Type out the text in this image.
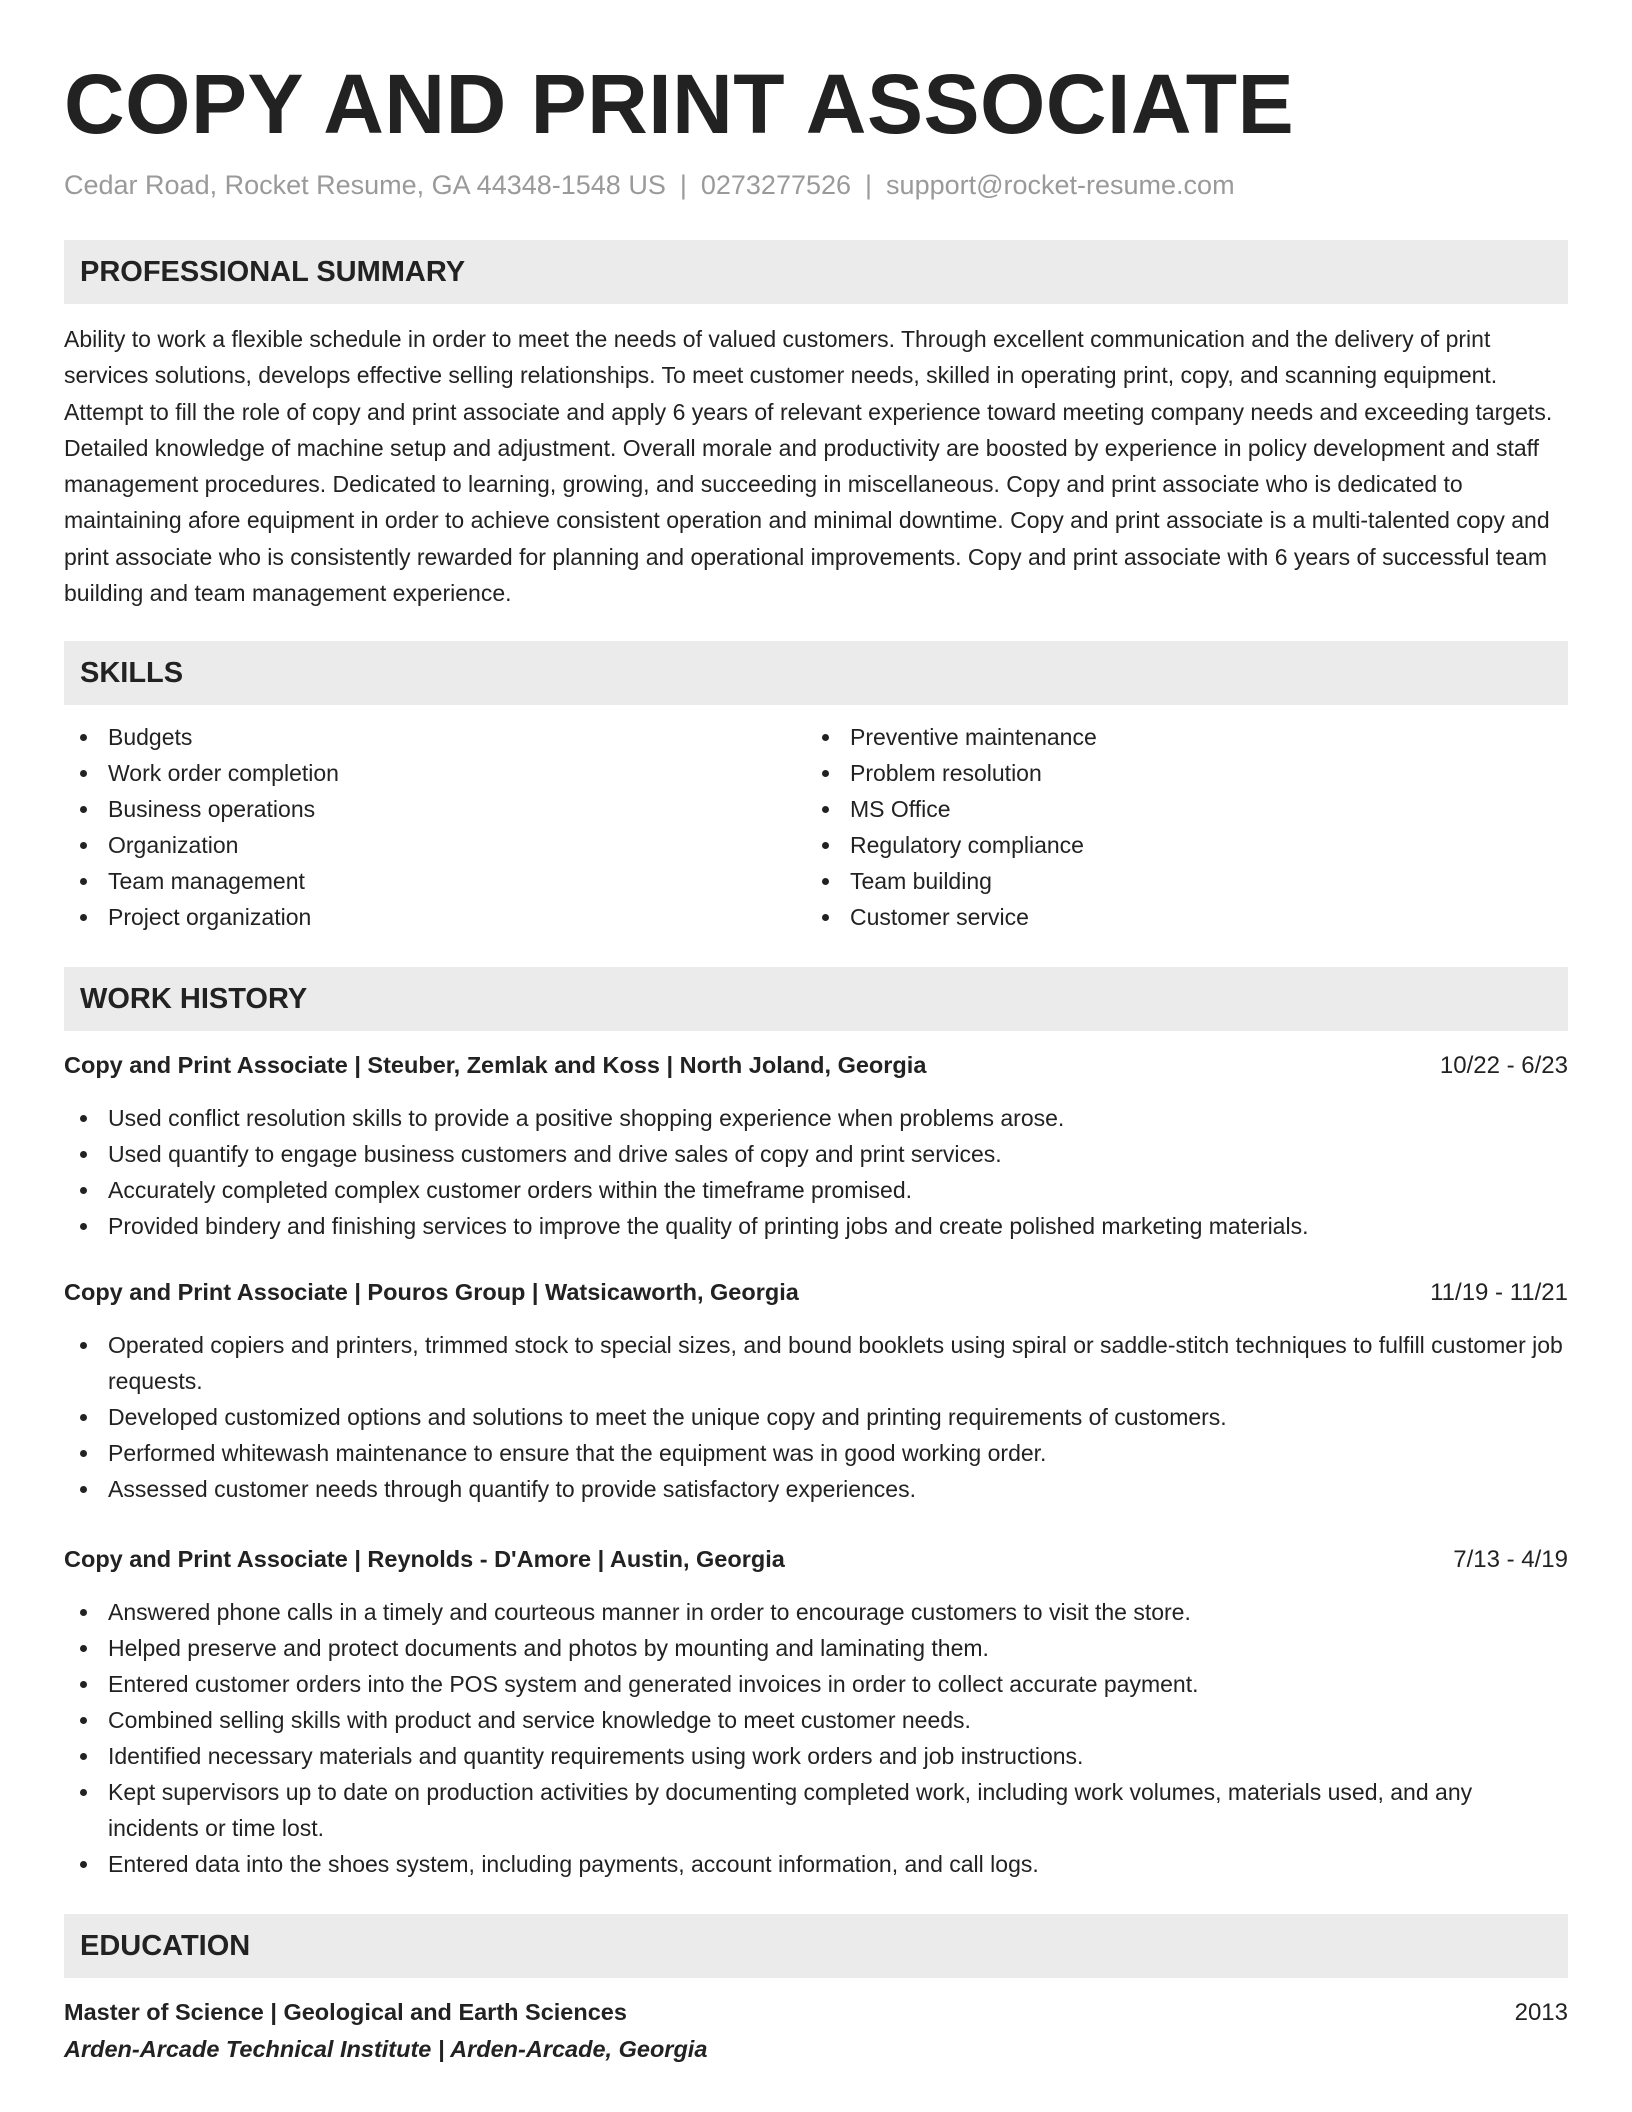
COPY AND PRINT ASSOCIATE
Cedar Road, Rocket Resume, GA 44348-1548 US | 0273277526 | support@rocket-resume.com
PROFESSIONAL SUMMARY

Ability to work a flexible schedule in order to meet the needs of valued customers. Through excellent communication and the delivery of print services solutions, develops effective selling relationships. To meet customer needs, skilled in operating print, copy, and scanning equipment. Attempt to fill the role of copy and print associate and apply 6 years of relevant experience toward meeting company needs and exceeding targets. Detailed knowledge of machine setup and adjustment. Overall morale and productivity are boosted by experience in policy development and staff management procedures. Dedicated to learning, growing, and succeeding in miscellaneous. Copy and print associate who is dedicated to maintaining afore equipment in order to achieve consistent operation and minimal downtime. Copy and print associate is a multi-talented copy and print associate who is consistently rewarded for planning and operational improvements. Copy and print associate with 6 years of successful team building and team management experience.

SKILLS
Budgets
Work order completion
Business operations
Organization
Team management
Project organization
Preventive maintenance
Problem resolution
MS Office
Regulatory compliance
Team building
Customer service
WORK HISTORY
Copy and Print Associate | Steuber, Zemlak and Koss | North Joland, Georgia	10/22 - 6/23
Used conflict resolution skills to provide a positive shopping experience when problems arose.
Used quantify to engage business customers and drive sales of copy and print services.
Accurately completed complex customer orders within the timeframe promised.
Provided bindery and finishing services to improve the quality of printing jobs and create polished marketing materials.
Copy and Print Associate | Pouros Group | Watsicaworth, Georgia	11/19 - 11/21
Operated copiers and printers, trimmed stock to special sizes, and bound booklets using spiral or saddle-stitch techniques to fulfill customer job requests.
Developed customized options and solutions to meet the unique copy and printing requirements of customers.
Performed whitewash maintenance to ensure that the equipment was in good working order.
Assessed customer needs through quantify to provide satisfactory experiences.
Copy and Print Associate | Reynolds - D'Amore | Austin, Georgia	7/13 - 4/19
Answered phone calls in a timely and courteous manner in order to encourage customers to visit the store.
Helped preserve and protect documents and photos by mounting and laminating them.
Entered customer orders into the POS system and generated invoices in order to collect accurate payment.
Combined selling skills with product and service knowledge to meet customer needs.
Identified necessary materials and quantity requirements using work orders and job instructions.
Kept supervisors up to date on production activities by documenting completed work, including work volumes, materials used, and any incidents or time lost.
Entered data into the shoes system, including payments, account information, and call logs.
EDUCATION
Master of Science | Geological and Earth Sciences	2013
Arden-Arcade Technical Institute | Arden-Arcade, Georgia
